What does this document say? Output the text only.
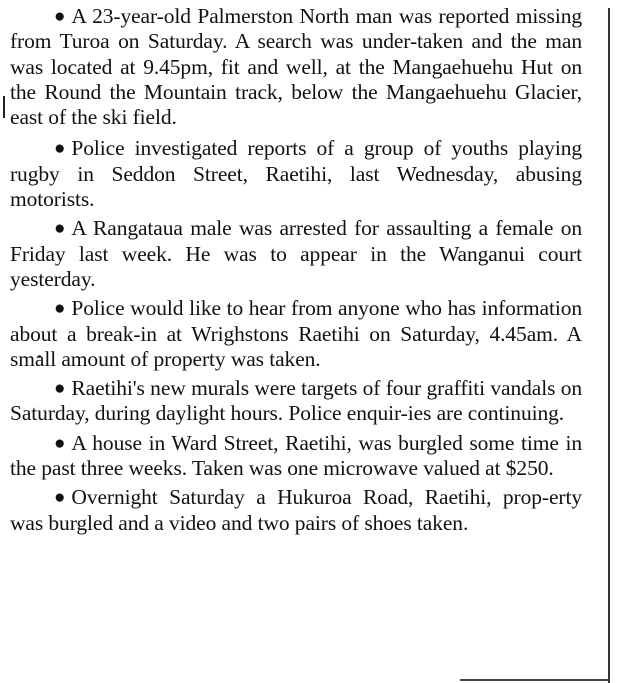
● A 23-year-old Palmerston North man was reported missing from Turoa on Saturday. A search was under-taken and the man was located at 9.45pm, fit and well, at the Mangaehuehu Hut on the Round the Mountain track, below the Mangaehuehu Glacier, east of the ski field.

● Police investigated reports of a group of youths playing rugby in Seddon Street, Raetihi, last Wednesday, abusing motorists.

● A Rangataua male was arrested for assaulting a female on Friday last week. He was to appear in the Wanganui court yesterday.

● Police would like to hear from anyone who has information about a break-in at Wrighstons Raetihi on Saturday, 4.45am. A small amount of property was taken.

● Raetihi's new murals were targets of four graffiti vandals on Saturday, during daylight hours. Police enquir-ies are continuing.

● A house in Ward Street, Raetihi, was burgled some time in the past three weeks. Taken was one microwave valued at $250.

● Overnight Saturday a Hukuroa Road, Raetihi, prop-erty was burgled and a video and two pairs of shoes taken.
